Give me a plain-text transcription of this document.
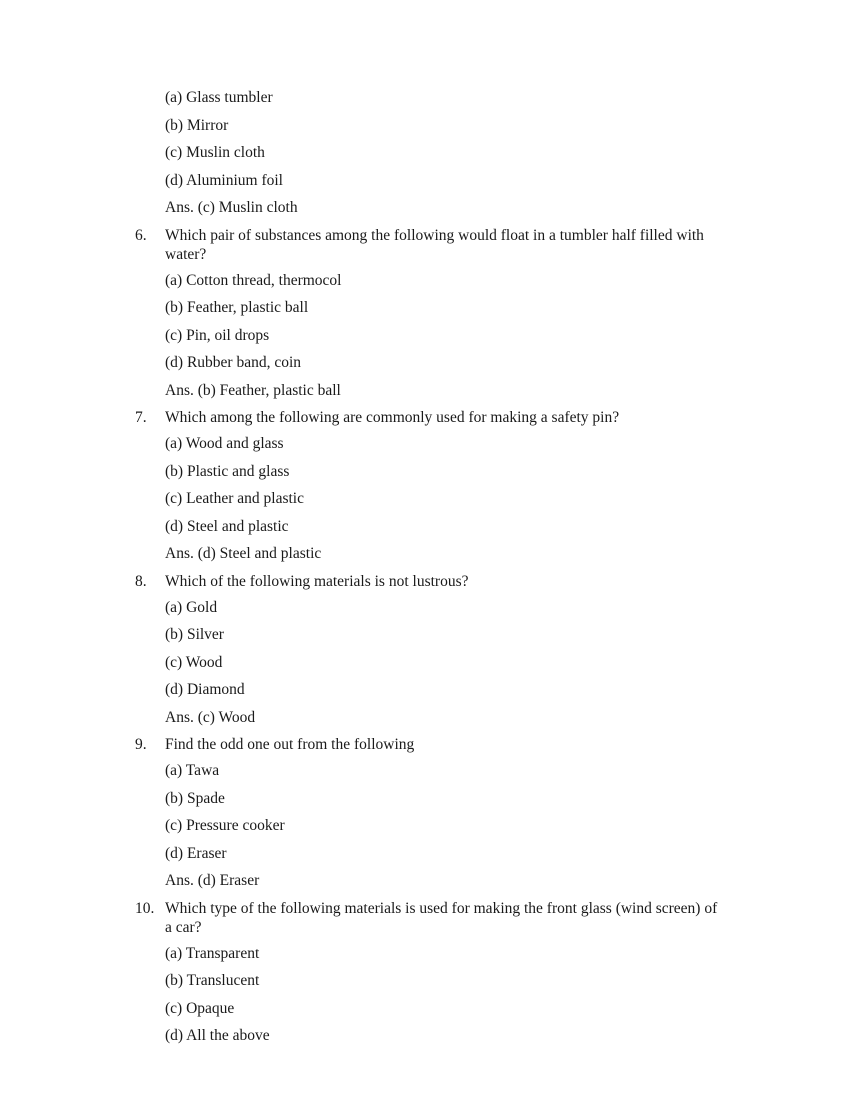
(a) Glass tumbler
(b) Mirror
(c) Muslin cloth
(d) Aluminium foil
Ans. (c) Muslin cloth
6.	Which pair of substances among the following would float in a tumbler half filled with water?
(a) Cotton thread, thermocol
(b) Feather, plastic ball
(c) Pin, oil drops
(d) Rubber band, coin
Ans. (b) Feather, plastic ball
7.	Which among the following are commonly used for making a safety pin?
(a) Wood and glass
(b) Plastic and glass
(c) Leather and plastic
(d) Steel and plastic
Ans. (d) Steel and plastic
8.	Which of the following materials is not lustrous?
(a) Gold
(b) Silver
(c) Wood
(d) Diamond
Ans. (c) Wood
9.	Find the odd one out from the following
(a) Tawa
(b) Spade
(c) Pressure cooker
(d) Eraser
Ans. (d) Eraser
10. Which type of the following materials is used for making the front glass (wind screen) of a car?
(a) Transparent
(b) Translucent
(c) Opaque
(d) All the above
